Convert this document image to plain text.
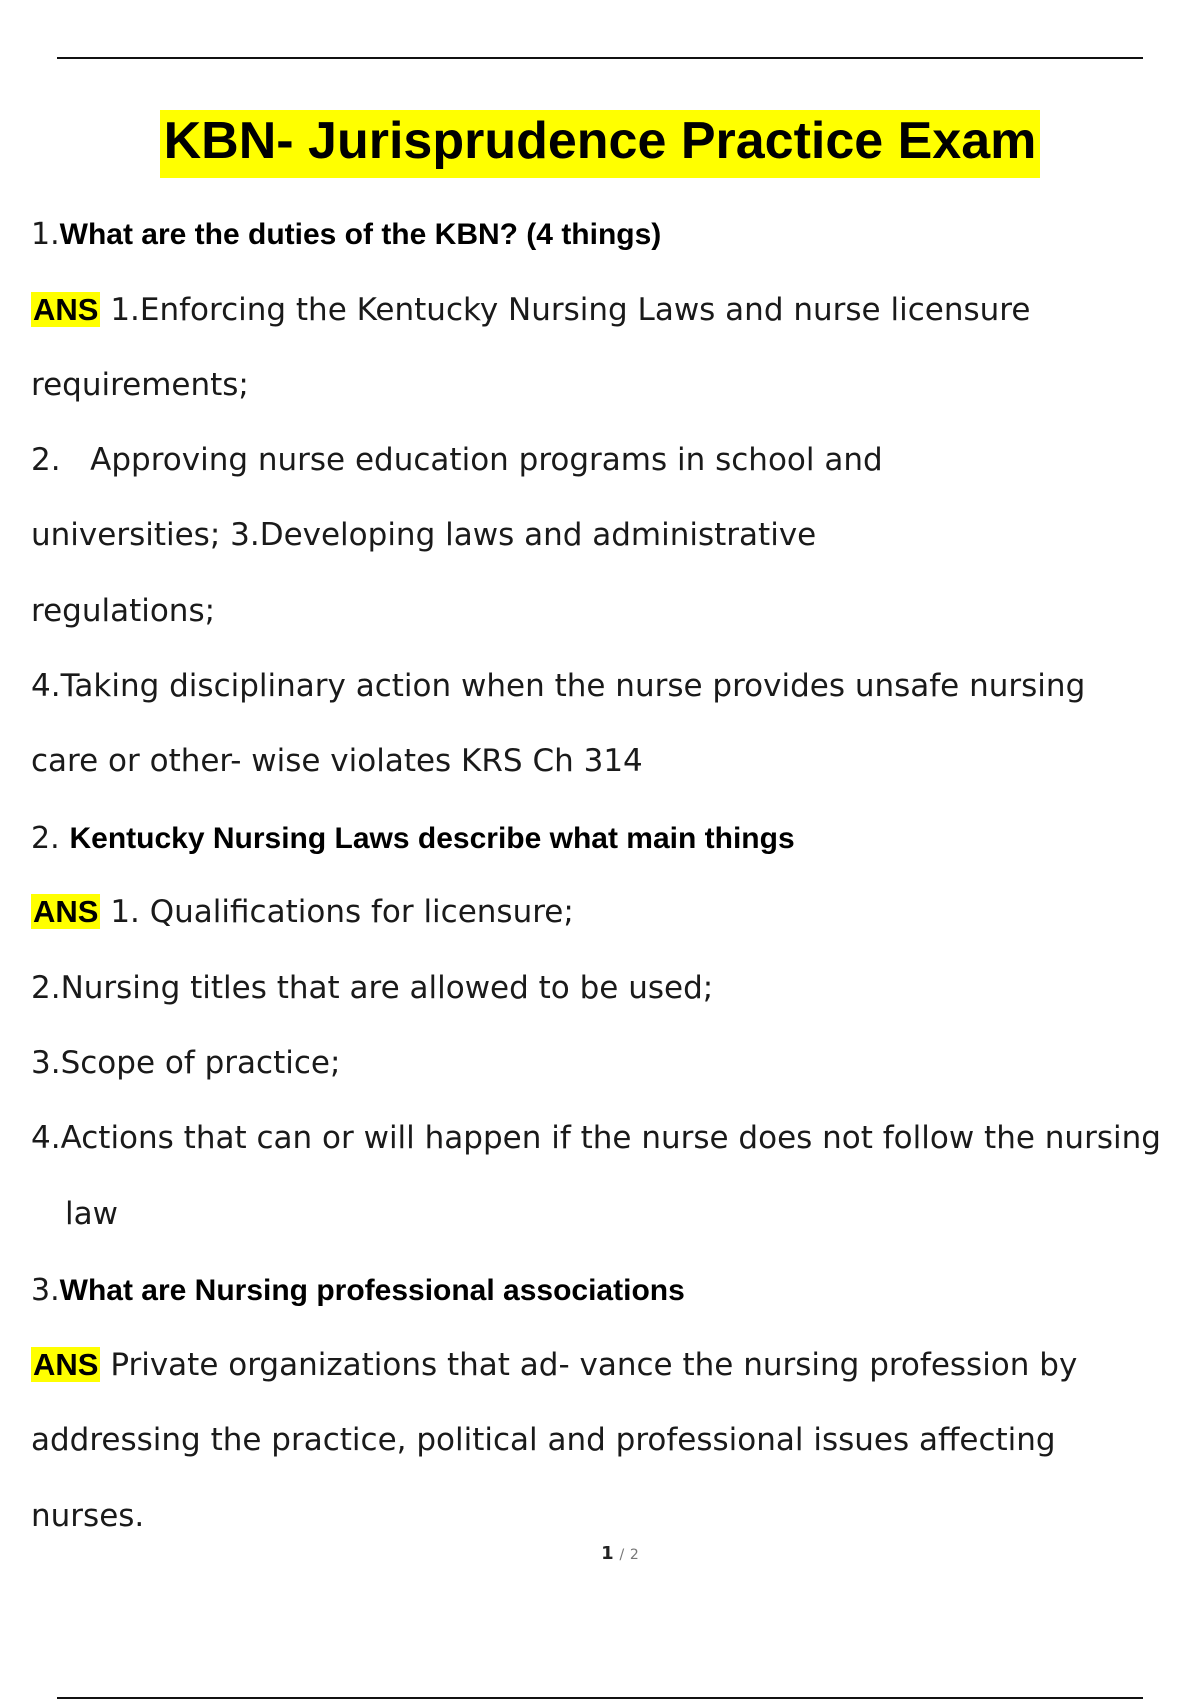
KBN- Jurisprudence Practice Exam
1.What are the duties of the KBN? (4 things)
ANS 1.Enforcing the Kentucky Nursing Laws and nurse licensure
requirements;
2.   Approving nurse education programs in school and
universities; 3.Developing laws and administrative
regulations;
4.Taking disciplinary action when the nurse provides unsafe nursing
care or other- wise violates KRS Ch 314
2. Kentucky Nursing Laws describe what main things
ANS 1. Qualifications for licensure;
2.Nursing titles that are allowed to be used;
3.Scope of practice;
4.Actions that can or will happen if the nurse does not follow the nursing
law
3.What are Nursing professional associations
ANS Private organizations that ad- vance the nursing profession by
addressing the practice, political and professional issues affecting
nurses.
1 / 2
